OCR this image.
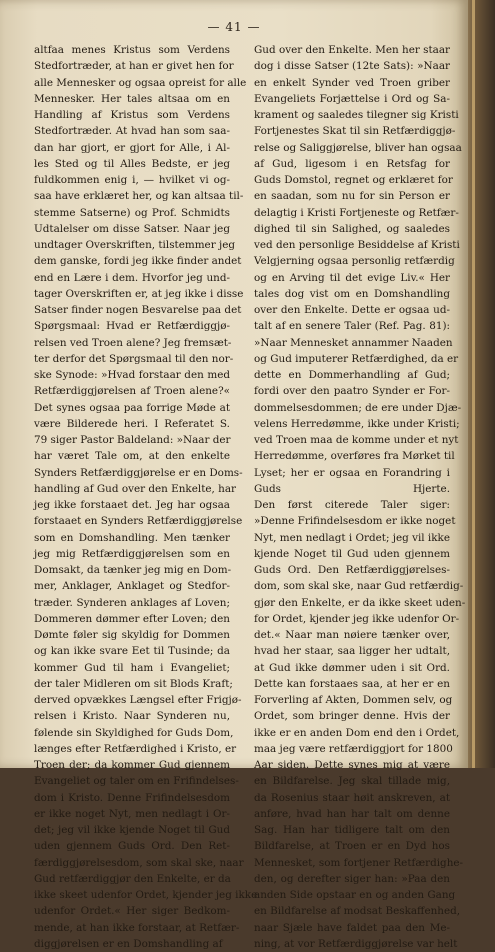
— 41 —
altfaa menes Kristus som Verdens
Stedfortræder, at han er givet hen for
alle Mennesker og ogsaa opreist for alle
Mennesker. Her tales altsaa om en
Handling af Kristus som Verdens
Stedfortræder. At hvad han som saa-
dan har gjort, er gjort for Alle, i Al-
les Sted og til Alles Bedste, er jeg
fuldkommen enig i, — hvilket vi og-
saa have erklæret her, og kan altsaa til-
stemme Satserne) og Prof. Schmidts
Udtalelser om disse Satser. Naar jeg
undtager Overskriften, tilstemmer jeg
dem ganske, fordi jeg ikke finder andet
end en Lære i dem. Hvorfor jeg und-
tager Overskriften er, at jeg ikke i disse
Satser finder nogen Besvarelse paa det
Spørgsmaal: Hvad er Retfærdiggjø-
relsen ved Troen alene? Jeg fremsæt-
ter derfor det Spørgsmaal til den nor-
ske Synode: »Hvad forstaar den med
Retfærdiggjørelsen af Troen alene?«
Det synes ogsaa paa forrige Møde at
være Bilderede heri. I Referatet S.
79 siger Pastor Baldeland: »Naar der
har været Tale om, at den enkelte
Synders Retfærdiggjørelse er en Doms-
handling af Gud over den Enkelte, har
jeg ikke forstaaet det. Jeg har ogsaa
forstaaet en Synders Retfærdiggjørelse
som en Domshandling. Men tænker
jeg mig Retfærdiggjørelsen som en
Domsakt, da tænker jeg mig en Dom-
mer, Anklager, Anklaget og Stedfor-
træder. Synderen anklages af Loven;
Dommeren dømmer efter Loven; den
Dømte føler sig skyldig for Dommen
og kan ikke svare Eet til Tusinde; da
kommer Gud til ham i Evangeliet;
der taler Midleren om sit Blods Kraft;
derved opvækkes Længsel efter Frigjø-
relsen i Kristo. Naar Synderen nu,
følende sin Skyldighed for Guds Dom,
længes efter Retfærdighed i Kristo, er
Troen der; da kommer Gud gjennem
Evangeliet og taler om en Frifindelses-
dom i Kristo. Denne Frifindelsesdom
er ikke noget Nyt, men nedlagt i Or-
det; jeg vil ikke kjende Noget til Gud
uden gjennem Guds Ord. Den Ret-
færdiggjørelsesdom, som skal ske, naar
Gud retfærdiggjør den Enkelte, er da
ikke skeet udenfor Ordet, kjender jeg ikke
udenfor Ordet.« Her siger Bedkom-
mende, at han ikke forstaar, at Retfær-
diggjørelsen er en Domshandling af
Gud over den Enkelte. Men her staar
dog i disse Satser (12te Sats): »Naar
en enkelt Synder ved Troen griber
Evangeliets Forjættelse i Ord og Sa-
krament og saaledes tilegner sig Kristi
Fortjenestes Skat til sin Retfærdiggjø-
relse og Saliggjørelse, bliver han ogsaa
af Gud, ligesom i en Retsfag for
Guds Domstol, regnet og erklæret for
en saadan, som nu for sin Person er
delagtig i Kristi Fortjeneste og Retfær-
dighed til sin Salighed, og saaledes
ved den personlige Besiddelse af Kristi
Velgjerning ogsaa personlig retfærdig
og en Arving til det evige Liv.« Her
tales dog vist om en Domshandling
over den Enkelte. Dette er ogsaa ud-
talt af en senere Taler (Ref. Pag. 81):
»Naar Mennesket annammer Naaden
og Gud imputerer Retfærdighed, da er
dette en Dommerhandling af Gud;
fordi over den paatro Synder er For-
dommelsesdommen; de ere under Djæ-
velens Herredømme, ikke under Kristi;
ved Troen maa de komme under et nyt
Herredømme, overføres fra Mørket til
Lyset; her er ogsaa en Forandring i
Guds Hjerte.
Den først citerede Taler siger:
»Denne Frifindelsesdom er ikke noget
Nyt, men nedlagt i Ordet; jeg vil ikke
kjende Noget til Gud uden gjennem
Guds Ord. Den Retfærdiggjørelses-
dom, som skal ske, naar Gud retfærdig-
gjør den Enkelte, er da ikke skeet uden-
for Ordet, kjender jeg ikke udenfor Or-
det.« Naar man nøiere tænker over,
hvad her staar, saa ligger her udtalt,
at Gud ikke dømmer uden i sit Ord.
Dette kan forstaaes saa, at her er en
Forverling af Akten, Dommen selv, og
Ordet, som bringer denne. Hvis der
ikke er en anden Dom end den i Ordet,
maa jeg være retfærdiggjort for 1800
Aar siden. Dette synes mig at være
en Bildfarelse. Jeg skal tillade mig,
da Rosenius staar høit anskreven, at
anføre, hvad han har talt om denne
Sag. Han har tidligere talt om den
Bildfarelse, at Troen er en Dyd hos
Mennesket, som fortjener Retfærdighe-
den, og derefter siger han: »Paa den
anden Side opstaar en og anden Gang
en Bildfarelse af modsat Beskaffenhed,
naar Sjæle have faldet paa den Me-
ning, at vor Retfærdiggjørelse var helt
